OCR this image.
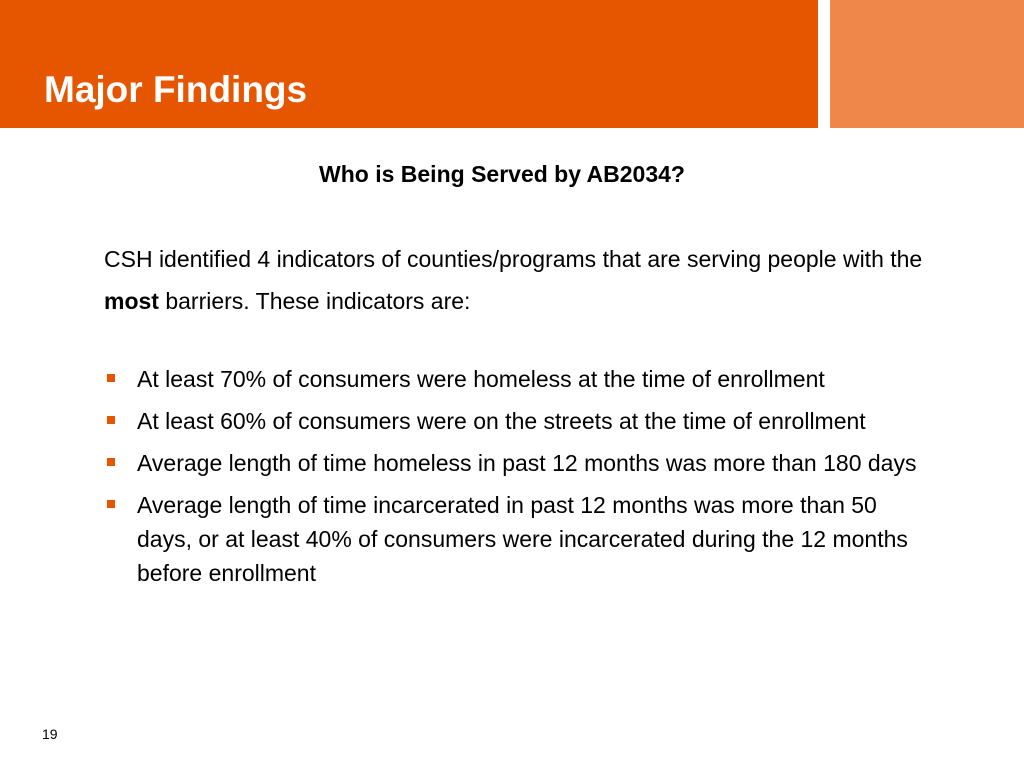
Major Findings
Who is Being Served by AB2034?
CSH identified 4 indicators of counties/programs that are serving people with the most barriers. These indicators are:
At least 70% of consumers were homeless at the time of enrollment
At least 60% of consumers were on the streets at the time of enrollment
Average length of time homeless in past 12 months was more than 180 days
Average length of time incarcerated in past 12 months was more than 50 days, or at least 40% of consumers were incarcerated during the 12 months before enrollment
19
